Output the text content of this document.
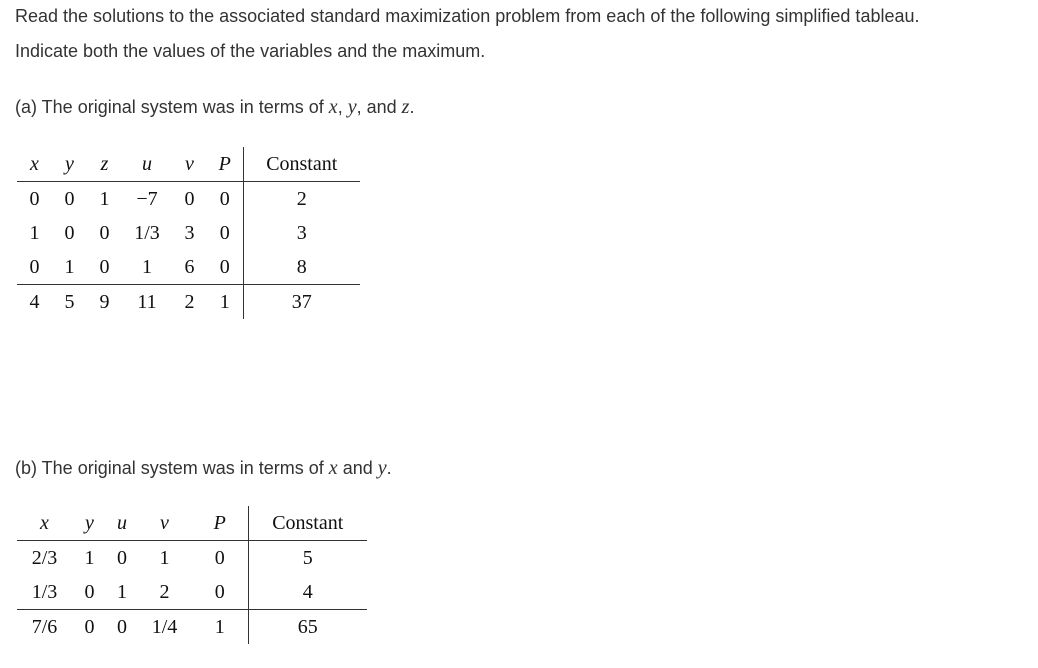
Read the solutions to the associated standard maximization problem from each of the following simplified tableau.
Indicate both the values of the variables and the maximum.
(a) The original system was in terms of x, y, and z.
x	y	z	u	v	P	Constant
0	0	1	−7	0	0	2
1	0	0	1/3	3	0	3
0	1	0	1	6	0	8
4	5	9	11	2	1	37
(b) The original system was in terms of x and y.
x	y	u	v	P	Constant
2/3	1	0	1	0	5
1/3	0	1	2	0	4
7/6	0	0	1/4	1	65
